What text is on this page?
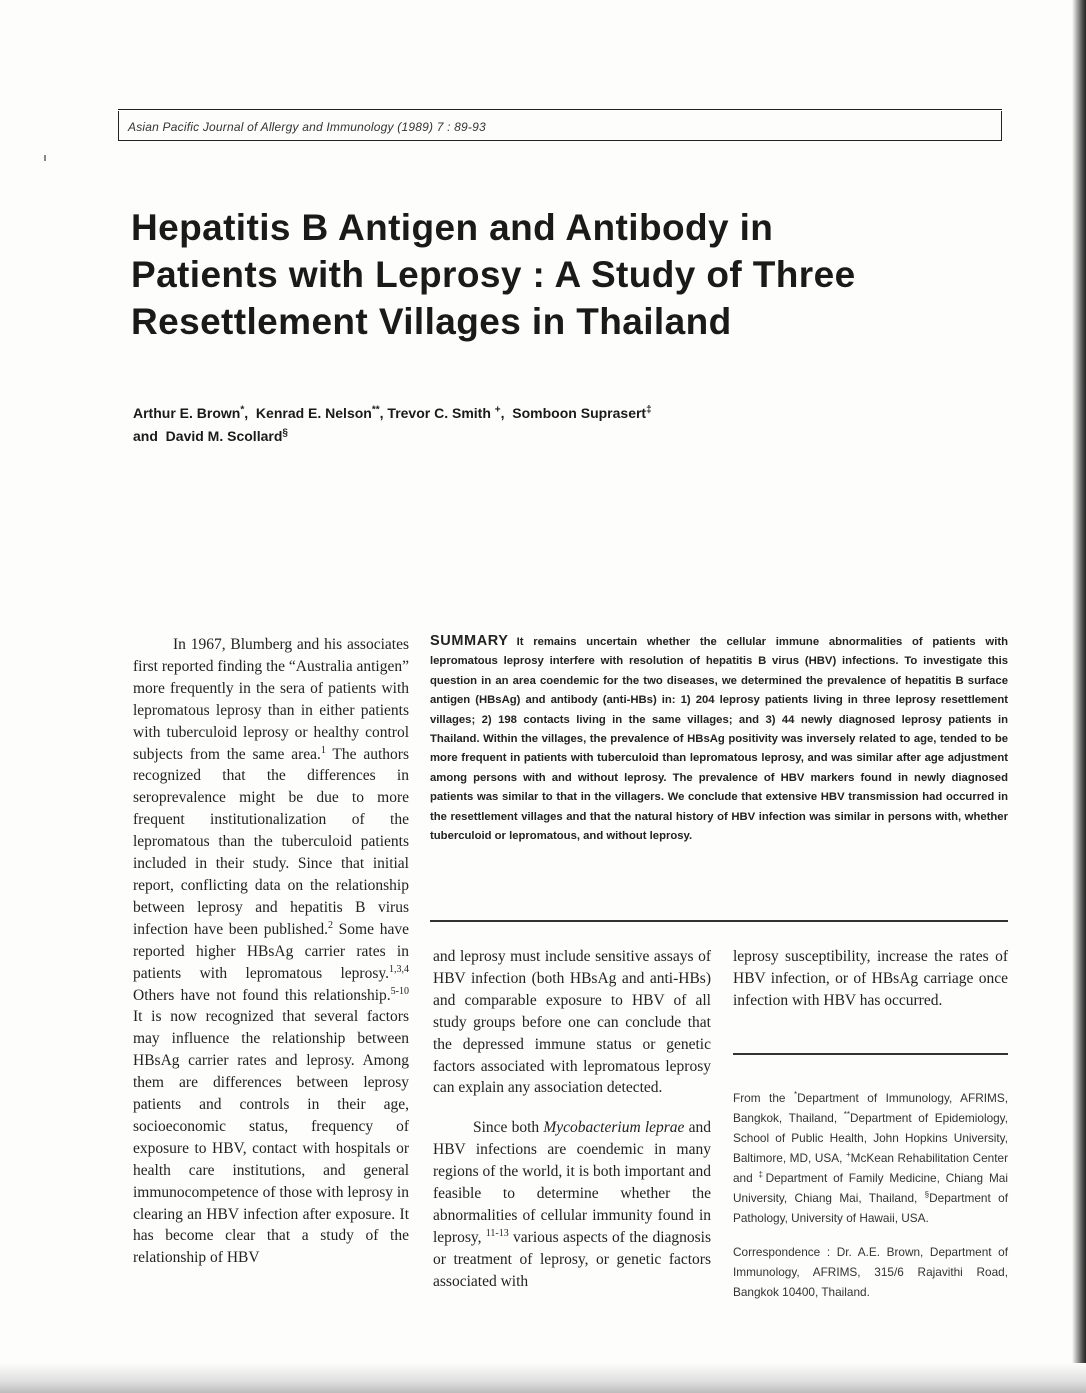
Asian Pacific Journal of Allergy and Immunology (1989) 7 : 89-93
Hepatitis B Antigen and Antibody in
Patients with Leprosy : A Study of Three
Resettlement Villages in Thailand
Arthur E. Brown*, Kenrad E. Nelson**, Trevor C. Smith +, Somboon Suprasert‡
and David M. Scollard§

In 1967, Blumberg and his associates first reported finding the “Australia antigen” more frequently in the sera of patients with lepromatous leprosy than in either patients with tuberculoid leprosy or healthy control subjects from the same area.$^1$ The authors recognized that the differences in seroprevalence might be due to more frequent institutionalization of the lepromatous than the tuberculoid patients included in their study. Since that initial report, conflicting data on the relationship between leprosy and hepatitis B virus infection have been published.$^2$ Some have reported higher HBsAg carrier rates in patients with lepromatous leprosy.$^{1,3,4}$ Others have not found this relationship.$^{5-10}$ It is now recognized that several factors may influence the relationship between HBsAg carrier rates and leprosy. Among them are differences between leprosy patients and controls in their age, socioeconomic status, frequency of exposure to HBV, contact with hospitals or health care institutions, and general immunocompetence of those with leprosy in clearing an HBV infection after exposure. It has become clear that a study of the relationship of HBV

SUMMARY It remains uncertain whether the cellular immune abnormalities of patients with lepromatous leprosy interfere with resolution of hepatitis B virus (HBV) infections. To investigate this question in an area coendemic for the two diseases, we determined the prevalence of hepatitis B surface antigen (HBsAg) and antibody (anti-HBs) in: 1) 204 leprosy patients living in three leprosy resettlement villages; 2) 198 contacts living in the same villages; and 3) 44 newly diagnosed leprosy patients in Thailand. Within the villages, the prevalence of HBsAg positivity was inversely related to age, tended to be more frequent in patients with tuberculoid than lepromatous leprosy, and was similar after age adjustment among persons with and without leprosy. The prevalence of HBV markers found in newly diagnosed patients was similar to that in the villagers. We conclude that extensive HBV transmission had occurred in the resettlement villages and that the natural history of HBV infection was similar in persons with, whether tuberculoid or lepromatous, and without leprosy.

and leprosy must include sensitive assays of HBV infection (both HBsAg and anti-HBs) and comparable exposure to HBV of all study groups before one can conclude that the depressed immune status or genetic factors associated with lepromatous leprosy can explain any association detected.

Since both Mycobacterium leprae and HBV infections are coendemic in many regions of the world, it is both important and feasible to determine whether the abnormalities of cellular immunity found in leprosy, $^{11-13}$ various aspects of the diagnosis or treatment of leprosy, or genetic factors associated with

leprosy susceptibility, increase the rates of HBV infection, or of HBsAg carriage once infection with HBV has occurred.

From the *Department of Immunology, AFRIMS, Bangkok, Thailand, **Department of Epidemiology, School of Public Health, John Hopkins University, Baltimore, MD, USA, +McKean Rehabilitation Center and ‡Department of Family Medicine, Chiang Mai University, Chiang Mai, Thailand, §Department of Pathology, University of Hawaii, USA.

Correspondence : Dr. A.E. Brown, Department of Immunology, AFRIMS, 315/6 Rajavithi Road, Bangkok 10400, Thailand.
